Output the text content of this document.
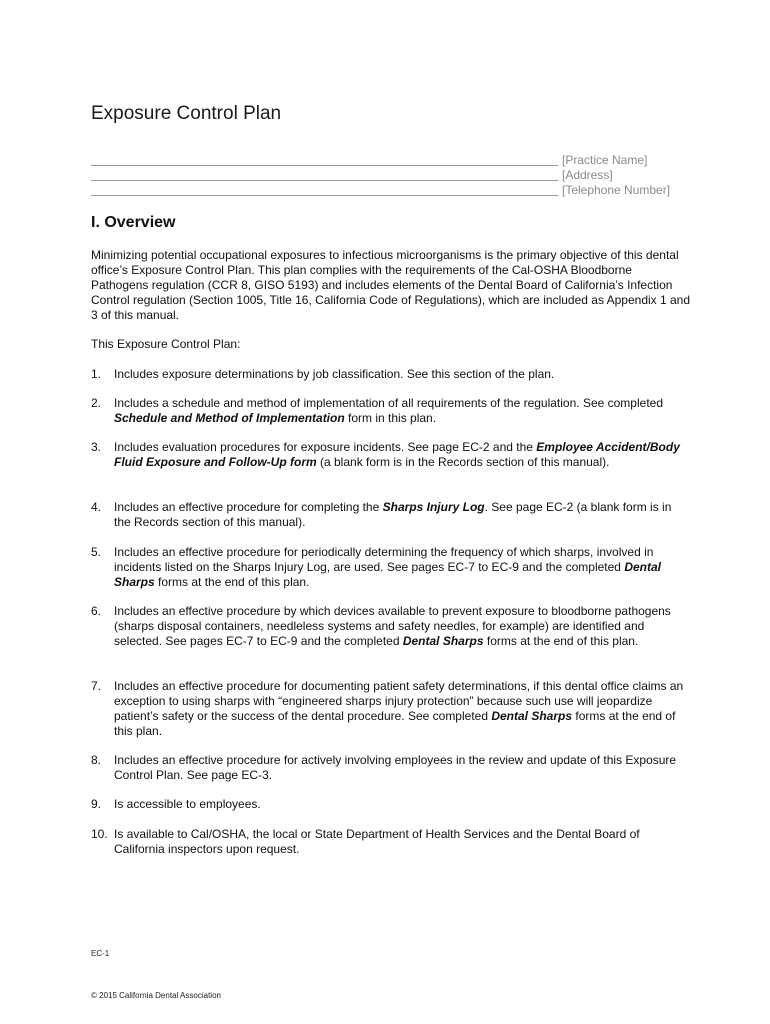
Exposure Control Plan
[Practice Name]
[Address]
[Telephone Number]
I. Overview

Minimizing potential occupational exposures to infectious microorganisms is the primary objective of this dental office’s Exposure Control Plan. This plan complies with the requirements of the Cal-OSHA Bloodborne Pathogens regulation (CCR 8, GISO 5193) and includes elements of the Dental Board of California’s Infection Control regulation (Section 1005, Title 16, California Code of Regulations), which are included as Appendix 1 and 3 of this manual.

This Exposure Control Plan:

1.	Includes exposure determinations by job classification. See this section of the plan.
2.	Includes a schedule and method of implementation of all requirements of the regulation. See completed Schedule and Method of Implementation form in this plan.
3.	Includes evaluation procedures for exposure incidents. See page EC-2 and the Employee Accident/Body Fluid Exposure and Follow-Up form (a blank form is in the Records section of this manual).
4.	Includes an effective procedure for completing the Sharps Injury Log. See page EC-2 (a blank form is in the Records section of this manual).
5.	Includes an effective procedure for periodically determining the frequency of which sharps, involved in incidents listed on the Sharps Injury Log, are used. See pages EC-7 to EC-9 and the completed Dental Sharps forms at the end of this plan.
6.	Includes an effective procedure by which devices available to prevent exposure to bloodborne pathogens (sharps disposal containers, needleless systems and safety needles, for example) are identified and selected. See pages EC-7 to EC-9 and the completed Dental Sharps forms at the end of this plan.
7.	Includes an effective procedure for documenting patient safety determinations, if this dental office claims an exception to using sharps with “engineered sharps injury protection” because such use will jeopardize patient’s safety or the success of the dental procedure. See completed Dental Sharps forms at the end of this plan.
8.	Includes an effective procedure for actively involving employees in the review and update of this Exposure Control Plan. See page EC-3.
9.	Is accessible to employees.
10. Is available to Cal/OSHA, the local or State Department of Health Services and the Dental Board of California inspectors upon request.
EC-1
© 2015 California Dental Association
